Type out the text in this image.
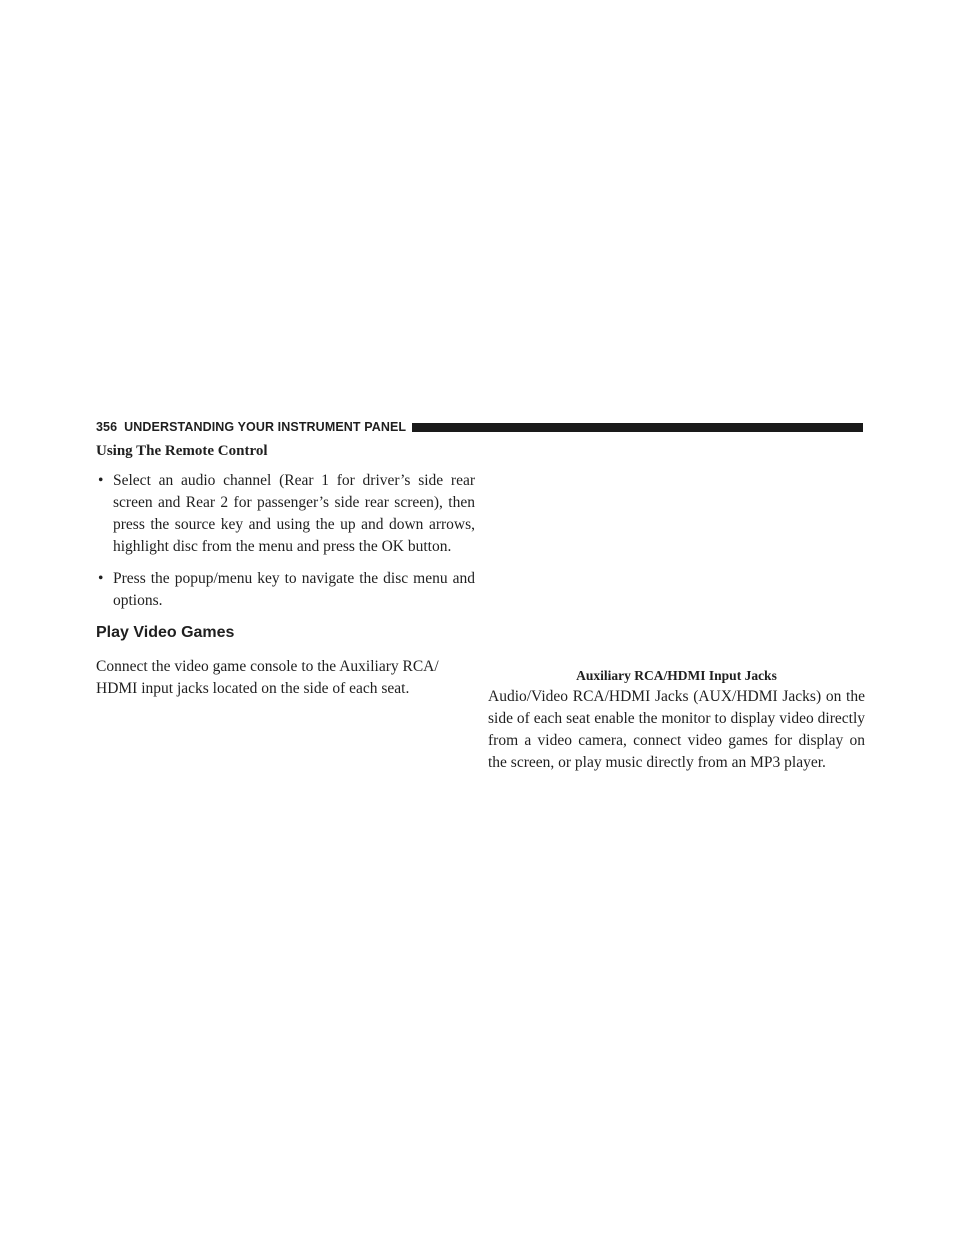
356 UNDERSTANDING YOUR INSTRUMENT PANEL
Using The Remote Control
• Select an audio channel (Rear 1 for driver’s side rear screen and Rear 2 for passenger’s side rear screen), then press the source key and using the up and down arrows, highlight disc from the menu and press the OK button.
• Press the popup/menu key to navigate the disc menu and options.
Play Video Games

Connect the video game console to the Auxiliary RCA/ HDMI input jacks located on the side of each seat.

Auxiliary RCA/HDMI Input Jacks

Audio/Video RCA/HDMI Jacks (AUX/HDMI Jacks) on the side of each seat enable the monitor to display video directly from a video camera, connect video games for display on the screen, or play music directly from an MP3 player.
